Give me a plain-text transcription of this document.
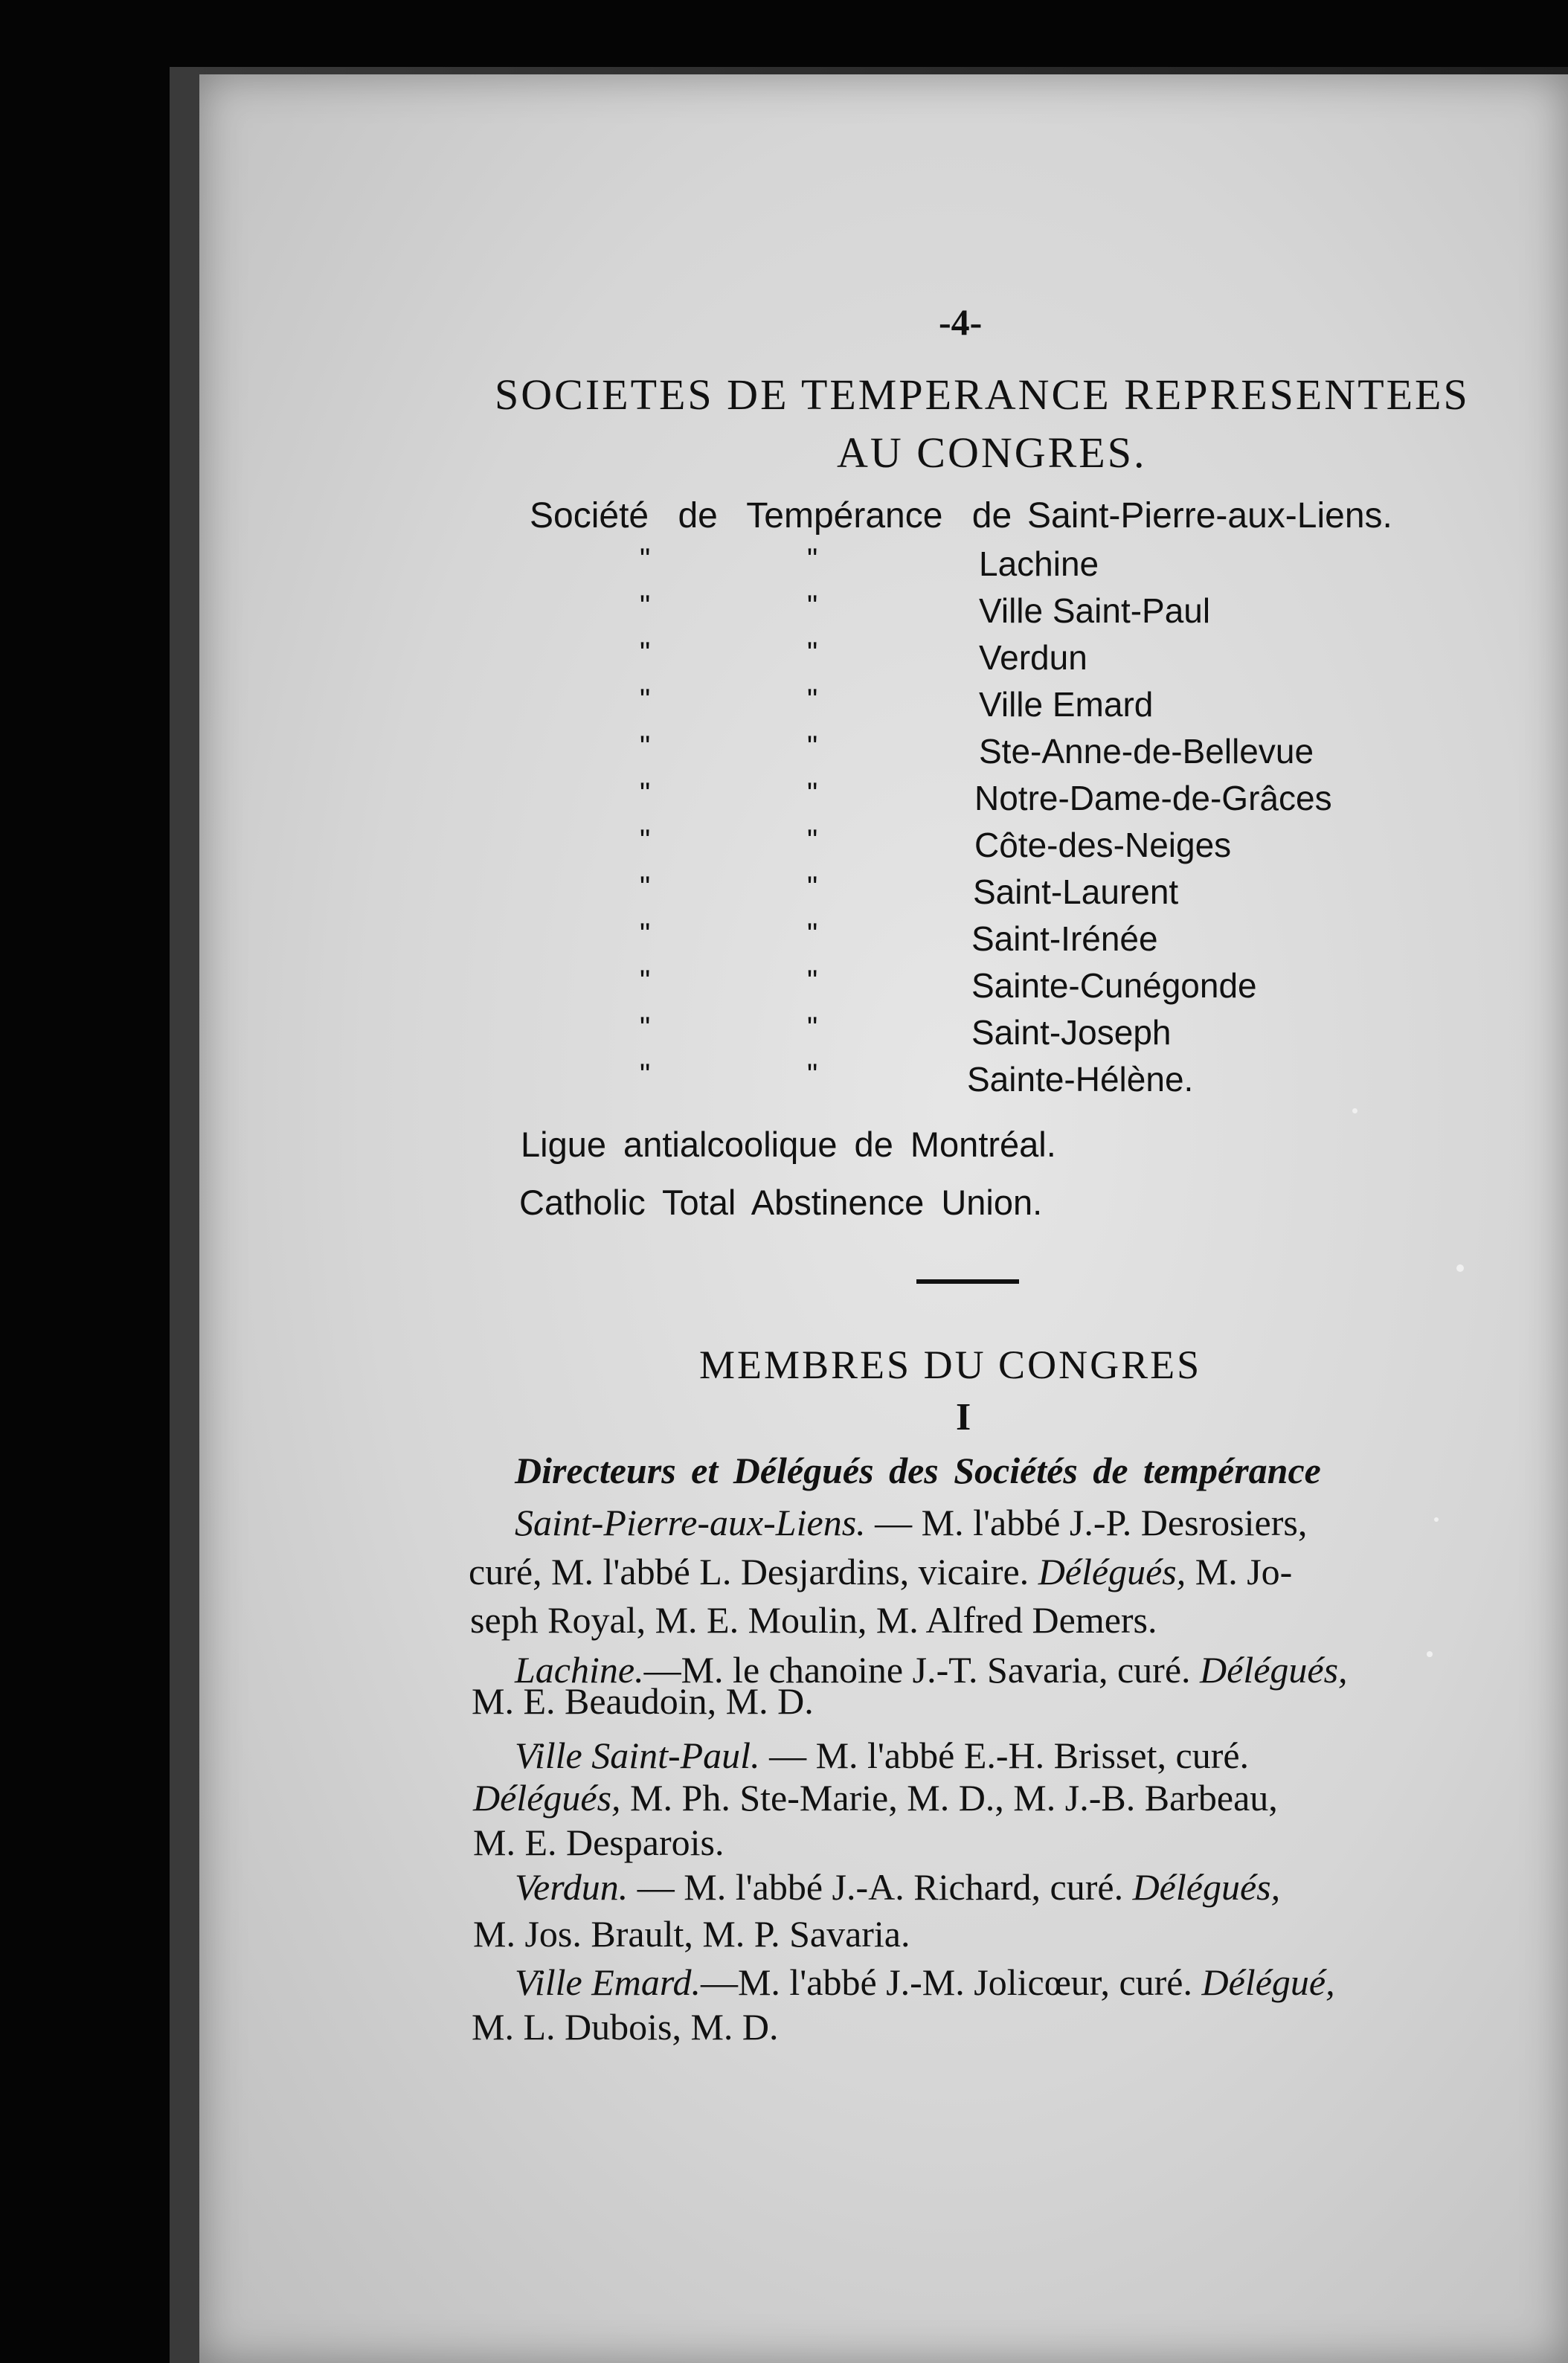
-4-
SOCIETES DE TEMPERANCE REPRESENTEES
AU CONGRES.
Société de Tempérance de Saint-Pierre-aux-Liens.
"
"
"
"
"
"
"
"
"
"
"
"
"
"
"
"
"
"
"
"
"
"
"
"
Lachine
Ville Saint-Paul
Verdun
Ville Emard
Ste-Anne-de-Bellevue
Notre-Dame-de-Grâces
Côte-des-Neiges
Saint-Laurent
Saint-Irénée
Sainte-Cunégonde
Saint-Joseph
Sainte-Hélène.
Ligue antialcoolique de Montréal.
Catholic Total Abstinence Union.
MEMBRES DU CONGRES
I
Directeurs et Délégués des Sociétés de tempérance
Saint-Pierre-aux-Liens. — M. l'abbé J.-P. Desrosiers,
curé, M. l'abbé L. Desjardins, vicaire. Délégués, M. Jo-
seph Royal, M. E. Moulin, M. Alfred Demers.
Lachine.—M. le chanoine J.-T. Savaria, curé. Délégués,
M. E. Beaudoin, M. D.
Ville Saint-Paul. — M. l'abbé E.-H. Brisset, curé.
Délégués, M. Ph. Ste-Marie, M. D., M. J.-B. Barbeau,
M. E. Desparois.
Verdun. — M. l'abbé J.-A. Richard, curé. Délégués,
M. Jos. Brault, M. P. Savaria.
Ville Emard.—M. l'abbé J.-M. Jolicœur, curé. Délégué,
M. L. Dubois, M. D.
